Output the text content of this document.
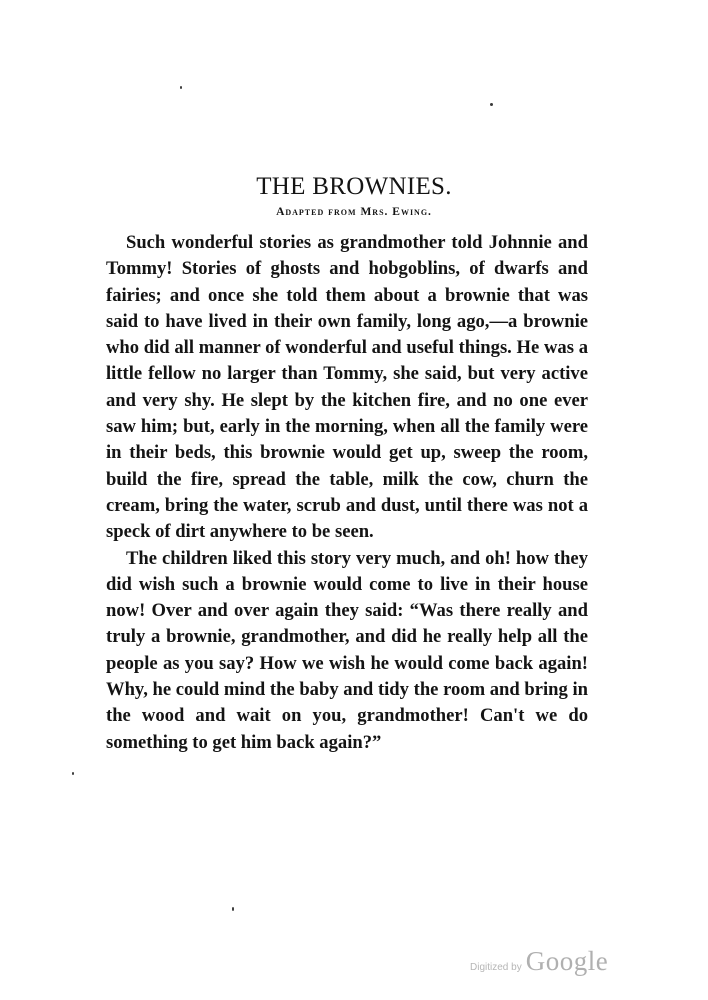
THE BROWNIES.
Adapted from Mrs. Ewing.

Such wonderful stories as grandmother told Johnnie and Tommy! Stories of ghosts and hobgoblins, of dwarfs and fairies; and once she told them about a brownie that was said to have lived in their own family, long ago,—a brownie who did all manner of wonderful and useful things. He was a little fellow no larger than Tommy, she said, but very active and very shy. He slept by the kitchen fire, and no one ever saw him; but, early in the morning, when all the family were in their beds, this brownie would get up, sweep the room, build the fire, spread the table, milk the cow, churn the cream, bring the water, scrub and dust, until there was not a speck of dirt anywhere to be seen.

The children liked this story very much, and oh! how they did wish such a brownie would come to live in their house now! Over and over again they said: “Was there really and truly a brownie, grandmother, and did he really help all the people as you say? How we wish he would come back again! Why, he could mind the baby and tidy the room and bring in the wood and wait on you, grandmother! Can't we do something to get him back again?”

Digitized by Google
